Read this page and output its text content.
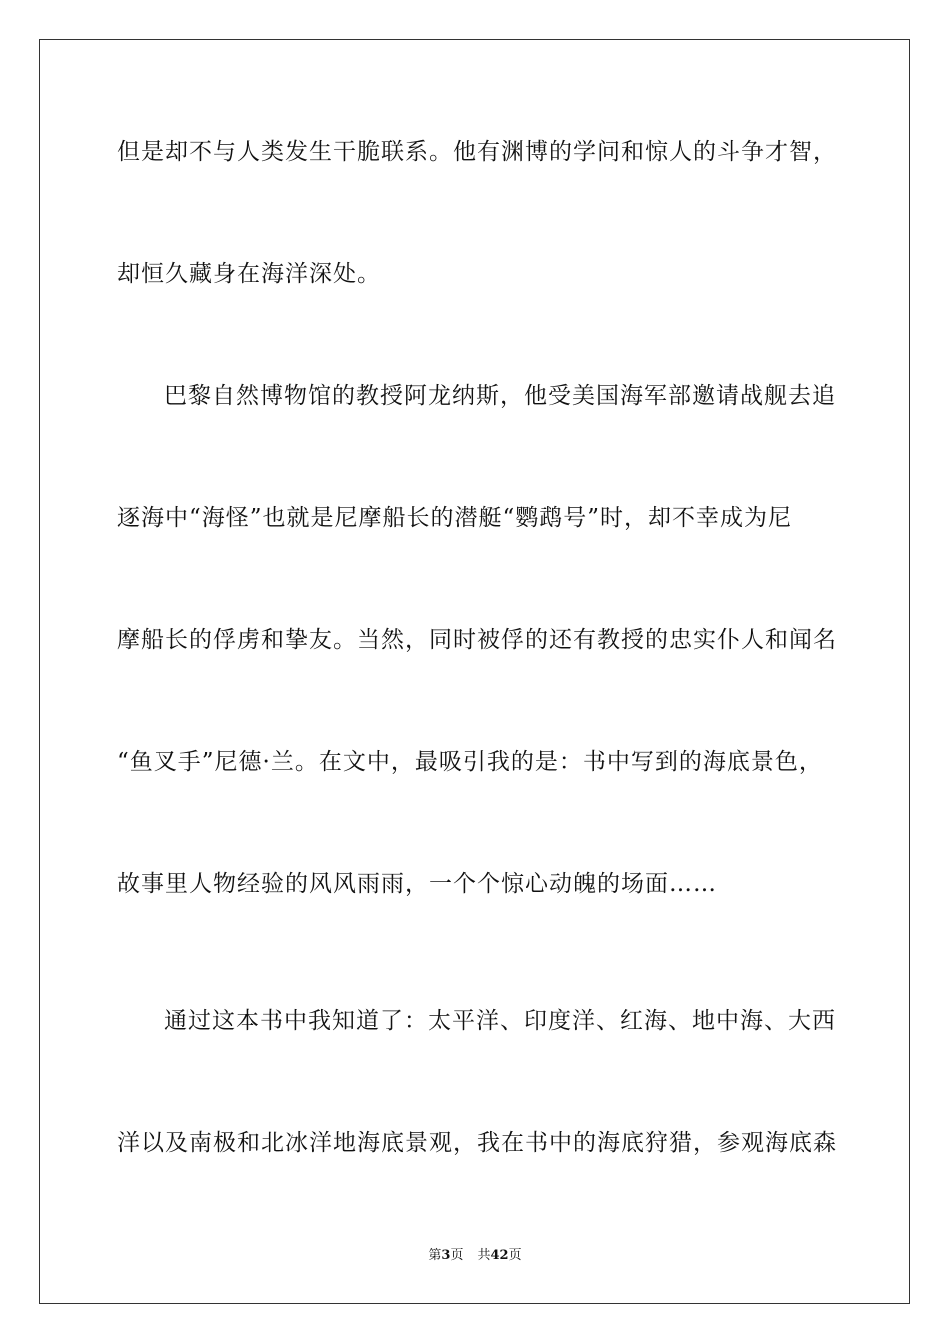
但是却不与人类发生干脆联系。他有渊博的学问和惊人的斗争才智，
却恒久藏身在海洋深处。
巴黎自然博物馆的教授阿龙纳斯，他受美国海军部邀请战舰去追
逐海中“海怪”也就是尼摩船长的潜艇“鹦鹉号”时，却不幸成为尼
摩船长的俘虏和挚友。当然，同时被俘的还有教授的忠实仆人和闻名
“鱼叉手”尼德·兰。在文中，最吸引我的是：书中写到的海底景色，
故事里人物经验的风风雨雨，一个个惊心动魄的场面……
通过这本书中我知道了：太平洋、印度洋、红海、地中海、大西
洋以及南极和北冰洋地海底景观，我在书中的海底狩猎，参观海底森
第3页 共42页
